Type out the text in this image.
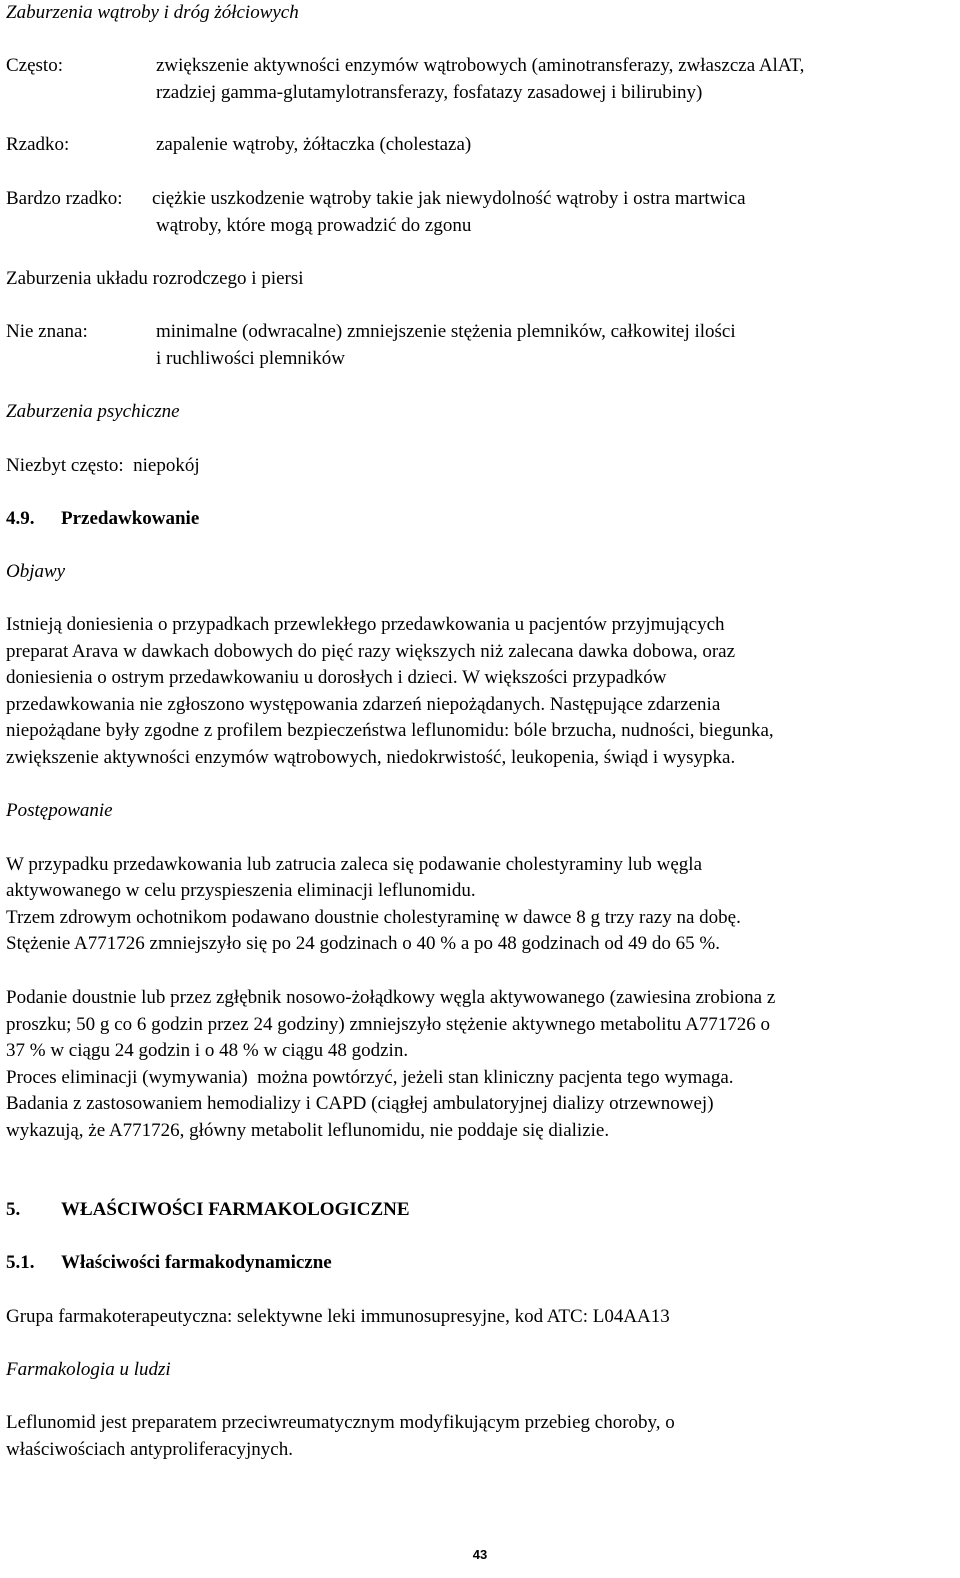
Zaburzenia wątroby i dróg żółciowych
Często:	zwiększenie aktywności enzymów wątrobowych (aminotransferazy, zwłaszcza AlAT,
rzadziej gamma-glutamylotransferazy, fosfatazy zasadowej i bilirubiny)
Rzadko:	zapalenie wątroby, żółtaczka (cholestaza)
Bardzo rzadko: ciężkie uszkodzenie wątroby takie jak niewydolność wątroby i ostra martwica
wątroby, które mogą prowadzić do zgonu
Zaburzenia układu rozrodczego i piersi
Nie znana:	minimalne (odwracalne) zmniejszenie stężenia plemników, całkowitej ilości
i ruchliwości plemników
Zaburzenia psychiczne
Niezbyt często:  niepokój
4.9. Przedawkowanie
Objawy
Istnieją doniesienia o przypadkach przewlekłego przedawkowania u pacjentów przyjmujących
preparat Arava w dawkach dobowych do pięć razy większych niż zalecana dawka dobowa, oraz
doniesienia o ostrym przedawkowaniu u dorosłych i dzieci. W większości przypadków
przedawkowania nie zgłoszono występowania zdarzeń niepożądanych. Następujące zdarzenia
niepożądane były zgodne z profilem bezpieczeństwa leflunomidu: bóle brzucha, nudności, biegunka,
zwiększenie aktywności enzymów wątrobowych, niedokrwistość, leukopenia, świąd i wysypka.
Postępowanie
W przypadku przedawkowania lub zatrucia zaleca się podawanie cholestyraminy lub węgla
aktywowanego w celu przyspieszenia eliminacji leflunomidu.
Trzem zdrowym ochotnikom podawano doustnie cholestyraminę w dawce 8 g trzy razy na dobę.
Stężenie A771726 zmniejszyło się po 24 godzinach o 40 % a po 48 godzinach od 49 do 65 %.
Podanie doustnie lub przez zgłębnik nosowo-żołądkowy węgla aktywowanego (zawiesina zrobiona z
proszku; 50 g co 6 godzin przez 24 godziny) zmniejszyło stężenie aktywnego metabolitu A771726 o
37 % w ciągu 24 godzin i o 48 % w ciągu 48 godzin.
Proces eliminacji (wymywania)  można powtórzyć, jeżeli stan kliniczny pacjenta tego wymaga.
Badania z zastosowaniem hemodializy i CAPD (ciągłej ambulatoryjnej dializy otrzewnowej)
wykazują, że A771726, główny metabolit leflunomidu, nie poddaje się dializie.
5. WŁAŚCIWOŚCI FARMAKOLOGICZNE
5.1. Właściwości farmakodynamiczne
Grupa farmakoterapeutyczna: selektywne leki immunosupresyjne, kod ATC: L04AA13
Farmakologia u ludzi
Leflunomid jest preparatem przeciwreumatycznym modyfikującym przebieg choroby, o
właściwościach antyproliferacyjnych.
43
